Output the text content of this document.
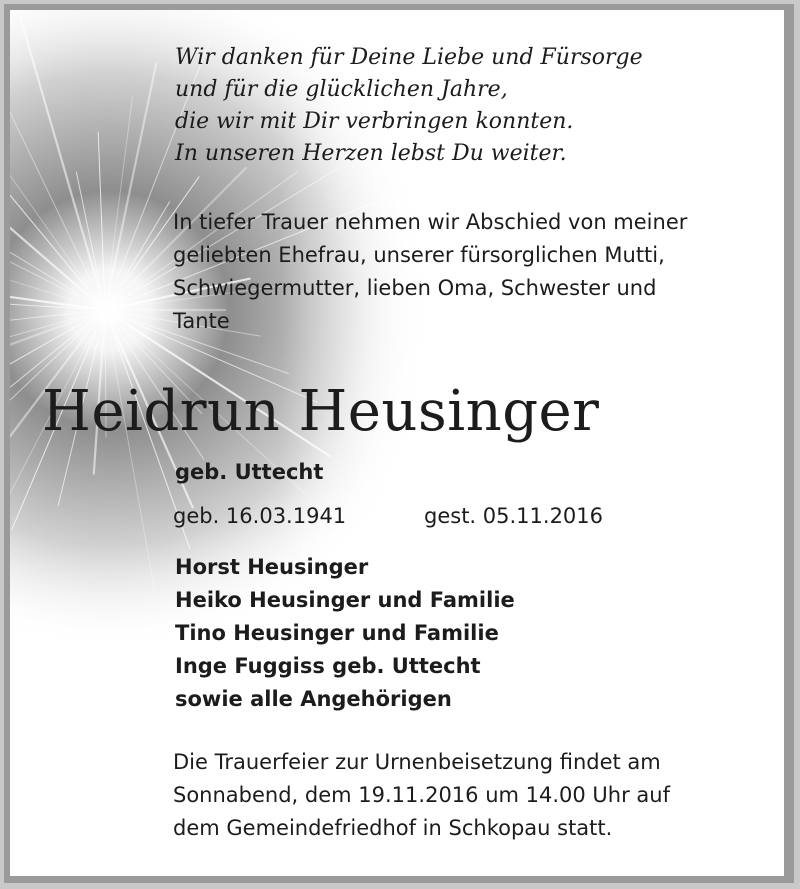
Wir danken für Deine Liebe und Fürsorge
und für die glücklichen Jahre,
die wir mit Dir verbringen konnten.
In unseren Herzen lebst Du weiter.
In tiefer Trauer nehmen wir Abschied von meiner
geliebten Ehefrau, unserer fürsorglichen Mutti,
Schwiegermutter, lieben Oma, Schwester und
Tante
Heidrun Heusinger
geb. Uttecht
geb. 16.03.1941	gest. 05.11.2016
Horst Heusinger
Heiko Heusinger und Familie
Tino Heusinger und Familie
Inge Fuggiss geb. Uttecht
sowie alle Angehörigen
Die Trauerfeier zur Urnenbeisetzung findet am
Sonnabend, dem 19.11.2016 um 14.00 Uhr auf
dem Gemeindefriedhof in Schkopau statt.
